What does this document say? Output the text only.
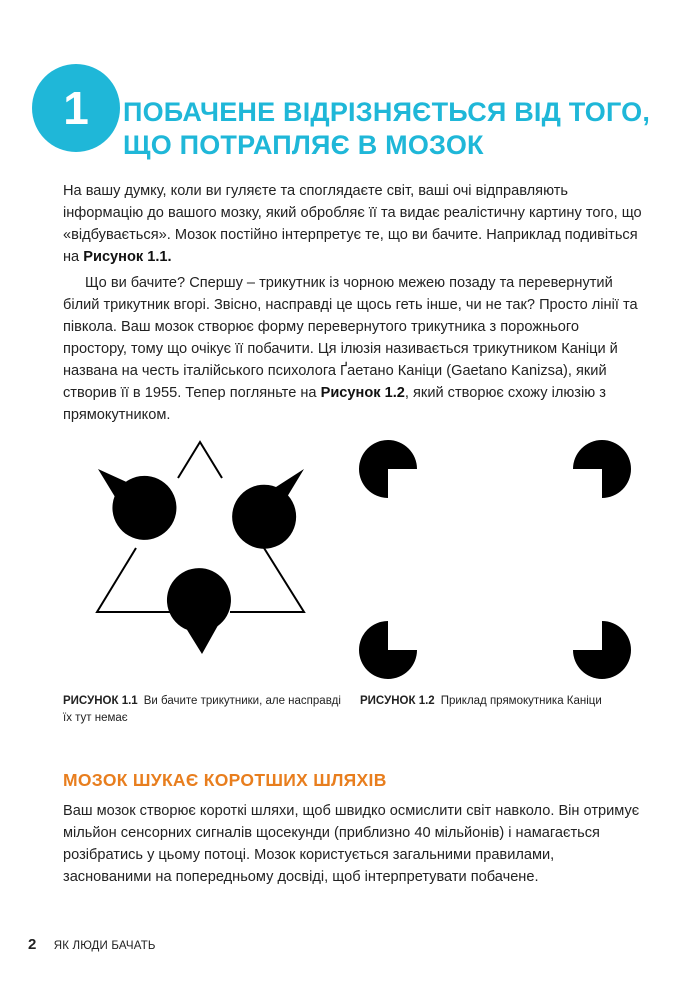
1 ПОБАЧЕНЕ ВІДРІЗНЯЄТЬСЯ ВІД ТОГО,
ЩО ПОТРАПЛЯЄ В МОЗОК

На вашу думку, коли ви гуляєте та споглядаєте світ, ваші очі відправляють інформацію до вашого мозку, який обробляє її та видає реалістичну картину того, що «відбувається». Мозок постійно інтерпретує те, що ви бачите. Наприклад подивіться на Рисунок 1.1.

Що ви бачите? Спершу – трикутник із чорною межею позаду та перевернутий білий трикутник вгорі. Звісно, насправді це щось геть інше, чи не так? Просто лінії та півкола. Ваш мозок створює форму перевернутого трикутника з порожнього простору, тому що очікує її побачити. Ця ілюзія називається трикутником Каніци й названа на честь італійського психолога Ґаетано Каніци (Gaetano Kanizsa), який створив її в 1955. Тепер погляньте на Рисунок 1.2, який створює схожу ілюзію з прямокутником.

РИСУНОК 1.1 Ви бачите трикутники, але насправді їх тут немає

РИСУНОК 1.2 Приклад прямокутника Каніци

МОЗОК ШУКАЄ КОРОТШИХ ШЛЯХІВ

Ваш мозок створює короткі шляхи, щоб швидко осмислити світ навколо. Він отримує мільйон сенсорних сигналів щосекунди (приблизно 40 мільйонів) і намагається розібратись у цьому потоці. Мозок користується загальними правилами, заснованими на попередньому досвіді, щоб інтерпретувати побачене.

2 ЯК ЛЮДИ БАЧАТЬ
